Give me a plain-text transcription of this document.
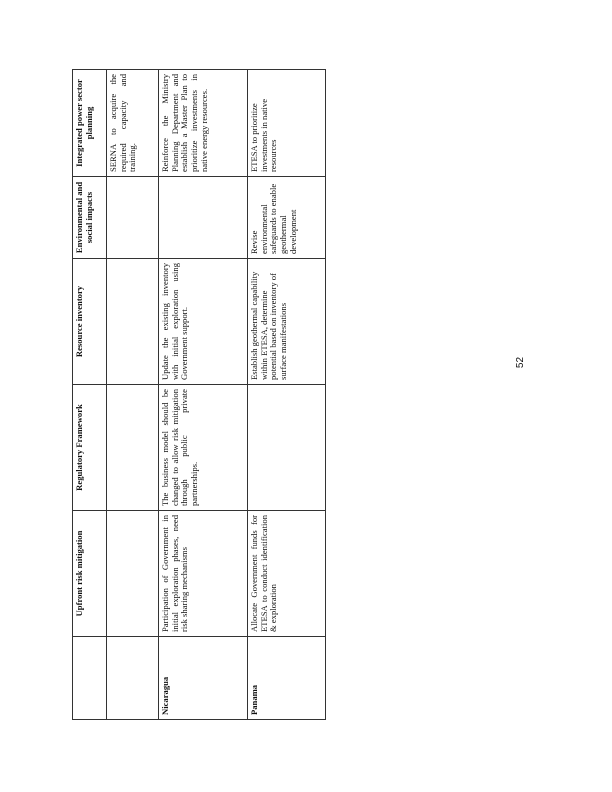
	Upfront risk mitigation	Regulatory Framework	Resource inventory	Environmental and social impacts	Integrated power sector planning
					SERNA to acquire the required capacity and training.
Nicaragua	Participation of Government in initial exploration phases, need risk sharing mechanisms	The business model should be changed to allow risk mitigation through public private partnerships.	Update the existing inventory with initial exploration using Government support.		Reinforce the Ministry Planning Department and establish a Master Plan to prioritize investments in native energy resources.
Panama	Allocate Government funds for ETESA to conduct identification & exploration		Establish geothermal capability within ETESA, determine potential based on inventory of surface manifestations	Revise environmental safeguards to enable geothermal development	ETESA to prioritize investments in native resources
52
